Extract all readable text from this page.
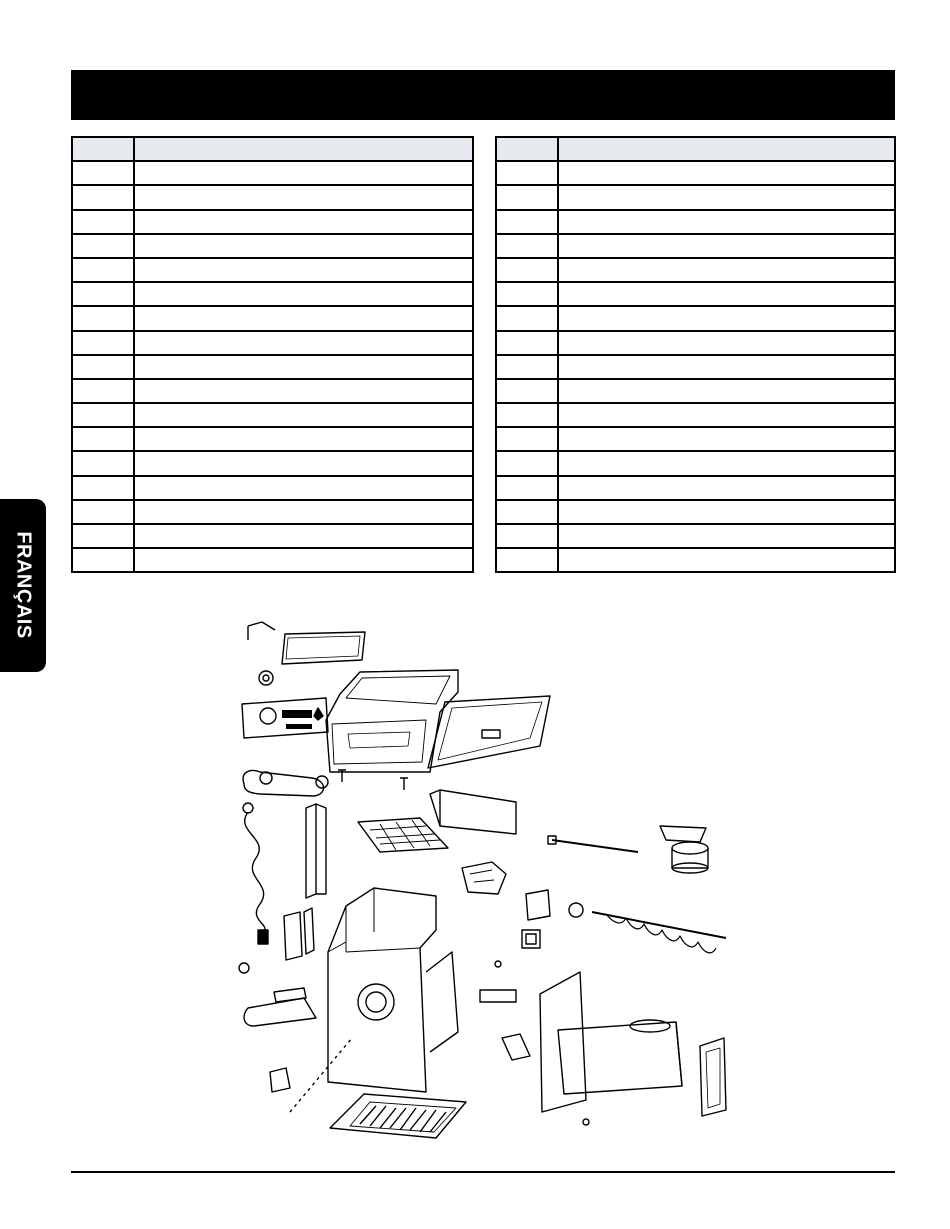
FRANÇAIS
